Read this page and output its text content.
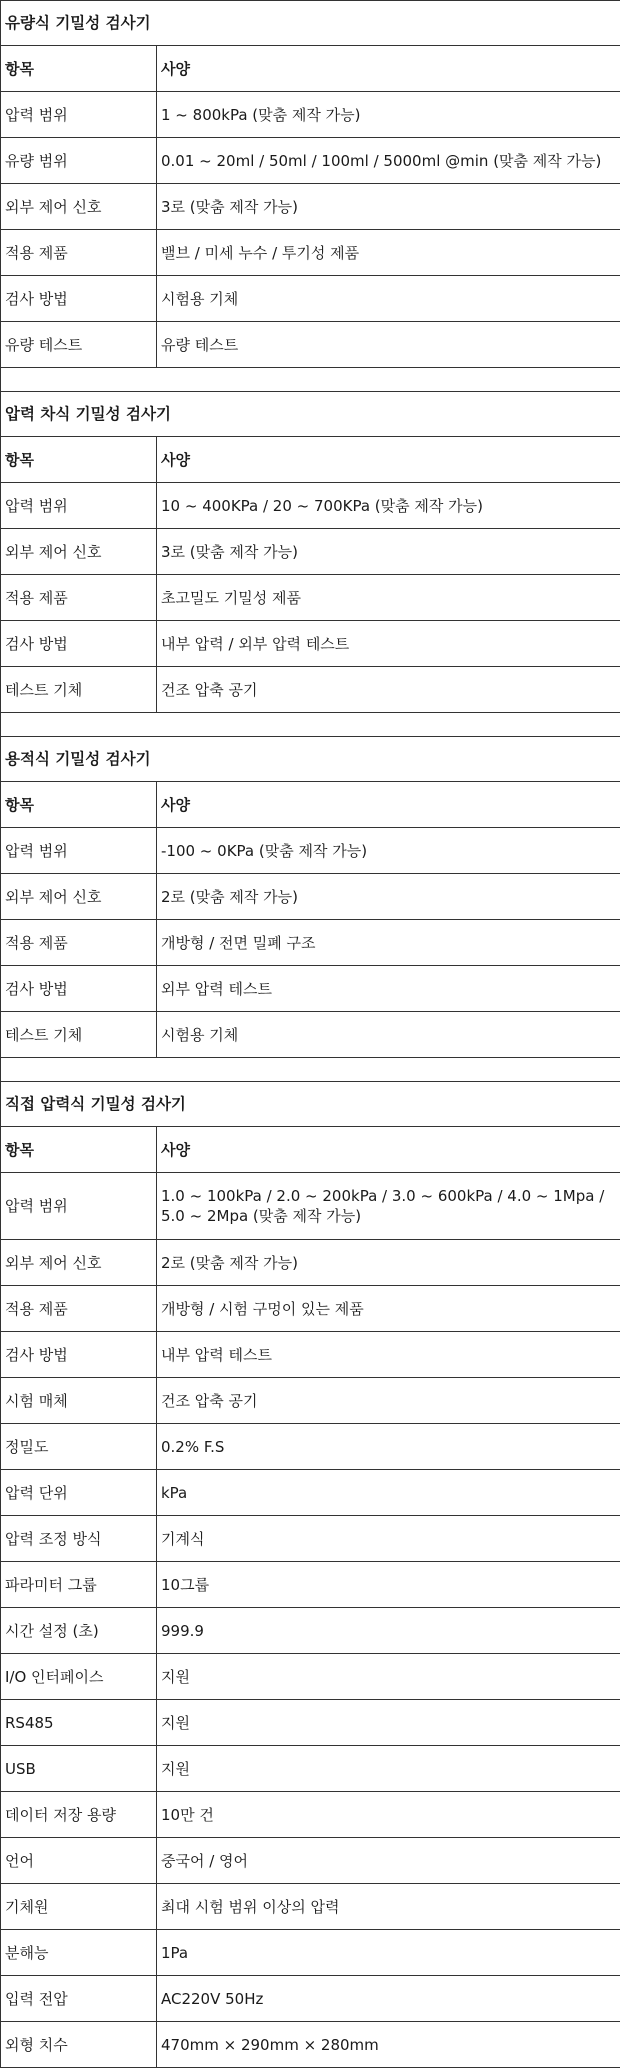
유량식 기밀성 검사기	
항목	사양
압력 범위	1 ~ 800kPa (맞춤 제작 가능)
유량 범위	0.01 ~ 20ml / 50ml / 100ml / 5000ml @min (맞춤 제작 가능)
외부 제어 신호	3로 (맞춤 제작 가능)
적용 제품	밸브 / 미세 누수 / 투기성 제품
검사 방법	시험용 기체
유량 테스트	유량 테스트

압력 차식 기밀성 검사기	
항목	사양
압력 범위	10 ~ 400KPa / 20 ~ 700KPa (맞춤 제작 가능)
외부 제어 신호	3로 (맞춤 제작 가능)
적용 제품	초고밀도 기밀성 제품
검사 방법	내부 압력 / 외부 압력 테스트
테스트 기체	건조 압축 공기

용적식 기밀성 검사기	
항목	사양
압력 범위	-100 ~ 0KPa (맞춤 제작 가능)
외부 제어 신호	2로 (맞춤 제작 가능)
적용 제품	개방형 / 전면 밀폐 구조
검사 방법	외부 압력 테스트
테스트 기체	시험용 기체

직접 압력식 기밀성 검사기	
항목	사양
압력 범위	1.0 ~ 100kPa / 2.0 ~ 200kPa / 3.0 ~ 600kPa / 4.0 ~ 1Mpa / 5.0 ~ 2Mpa (맞춤 제작 가능)
외부 제어 신호	2로 (맞춤 제작 가능)
적용 제품	개방형 / 시험 구멍이 있는 제품
검사 방법	내부 압력 테스트
시험 매체	건조 압축 공기
정밀도	0.2% F.S
압력 단위	kPa
압력 조정 방식	기계식
파라미터 그룹	10그룹
시간 설정 (초)	999.9
I/O 인터페이스	지원
RS485	지원
USB	지원
데이터 저장 용량	10만 건
언어	중국어 / 영어
기체원	최대 시험 범위 이상의 압력
분해능	1Pa
입력 전압	AC220V 50Hz
외형 치수	470mm × 290mm × 280mm
